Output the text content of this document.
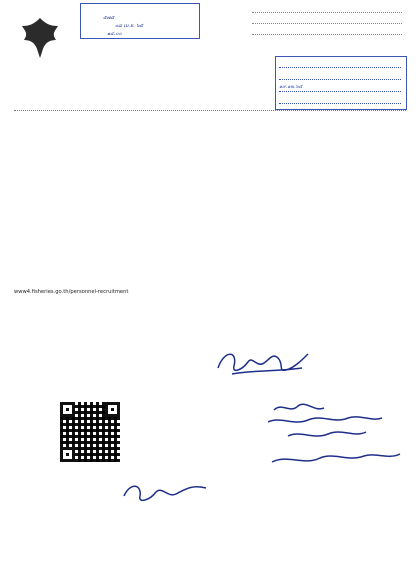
๕๗๕
๐๘ เม.ย. ๖๕
๑๔.๐๐
๑๙.๑๒.๖๕
www4.fisheries.go.th/personnel-recruitment
